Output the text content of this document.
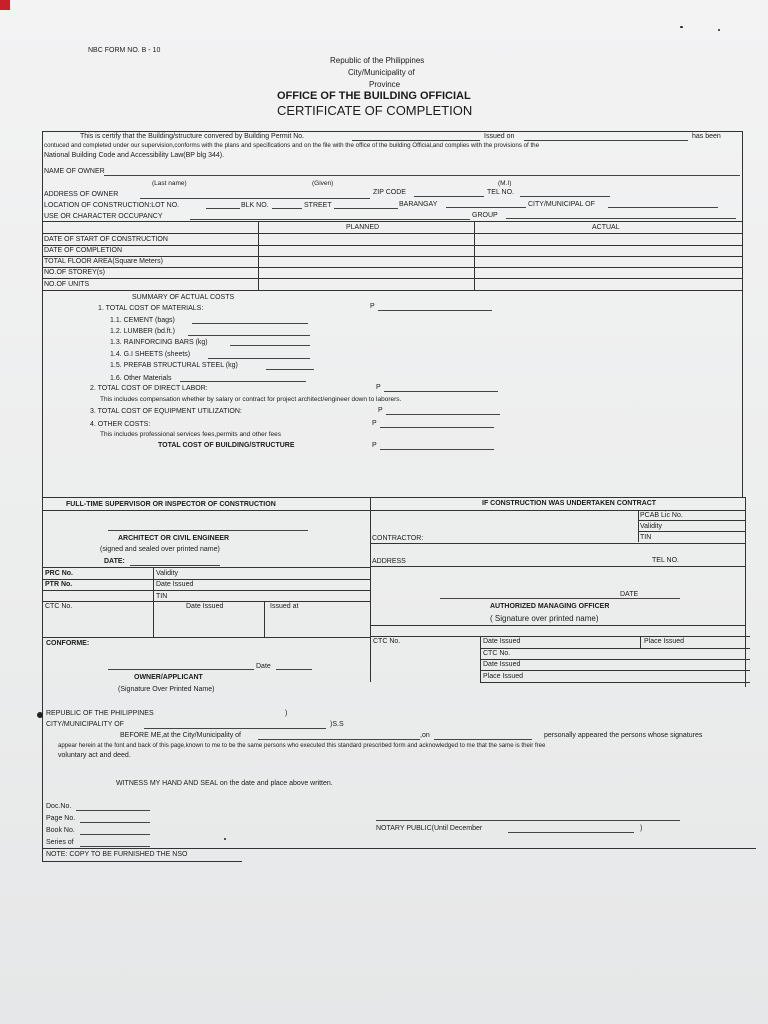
NBC FORM NO. B - 10
Republic of the Philippines
City/Municipality of
Province
OFFICE OF THE BUILDING OFFICIAL
CERTIFICATE OF COMPLETION
This is certify that the Building/structure convered by Building Permit No.	Issued on	has been
contuced and completed under our supervision,conforms with the plans and specifications and on the file with the office of the building Official,and complies with the provisions of the
National Building Code and Accessibility Law(BP blg 344).
NAME OF OWNER
(Last name)	(Given)	(M.I)
ADDRESS OF OWNER	ZIP CODE	TEL NO.
LOCATION OF CONSTRUCTION:LOT NO.	BLK NO.	STREET	BARANGAY	CITY/MUNICIPAL OF
USE OR CHARACTER OCCUPANCY	GROUP
PLANNED	ACTUAL
DATE OF START OF CONSTRUCTION
DATE OF COMPLETION
TOTAL FLOOR AREA(Square Meters)
NO.OF STOREY(s)
NO.OF UNITS
SUMMARY OF ACTUAL COSTS
1. TOTAL COST OF MATERIALS:	P
1.1. CEMENT (bags)
1.2. LUMBER (bd.ft.)
1.3. RAINFORCING BARS (kg)
1.4. G.I SHEETS (sheets)
1.5. PREFAB STRUCTURAL STEEL (kg)
1.6. Other Materials
2. TOTAL COST OF DIRECT LABOR:	P
This includes compensation whether by salary or contract for project architect/engineer down to laborers.
3. TOTAL COST OF EQUIPMENT UTILIZATION:	P
4. OTHER COSTS:	P
This includes professional services fees,permits and other fees
TOTAL COST OF BUILDING/STRUCTURE	P
FULL-TIME SUPERVISOR OR INSPECTOR OF CONSTRUCTION	IF CONSTRUCTION WAS UNDERTAKEN CONTRACT
PCAB Lic No.
Validity
TIN
CONTRACTOR:
ADDRESS	TEL NO.
DATE
AUTHORIZED MANAGING OFFICER
( Signature over printed name)
CTC No.	Date Issued	Place Issued
CTC No.
Date Issued
Place Issued
ARCHITECT OR CIVIL ENGINEER
(signed and sealed over printed name)
DATE:
PRC No.	Validity
PTR No.	Date Issued
TIN
CTC No.	Date Issued	Issued at
CONFORME:
Date
OWNER/APPLICANT
(Signature Over Printed Name)
REPUBLIC OF THE PHILIPPINES	)
CITY/MUNICIPALITY OF	)S.S
BEFORE ME,at the City/Municipality of	,on	personally appeared the persons whose signatures
appear herein at the font and back of this page,known to me to be the same persons who executed this standard prescribed form and acknowledged to me that the same is their free
voluntary act and deed.
WITNESS MY HAND AND SEAL on the date and place above written.
Doc.No.
Page No.
Book No.
Series of
NOTARY PUBLIC(Until December	)
NOTE: COPY TO BE FURNISHED THE NSO
